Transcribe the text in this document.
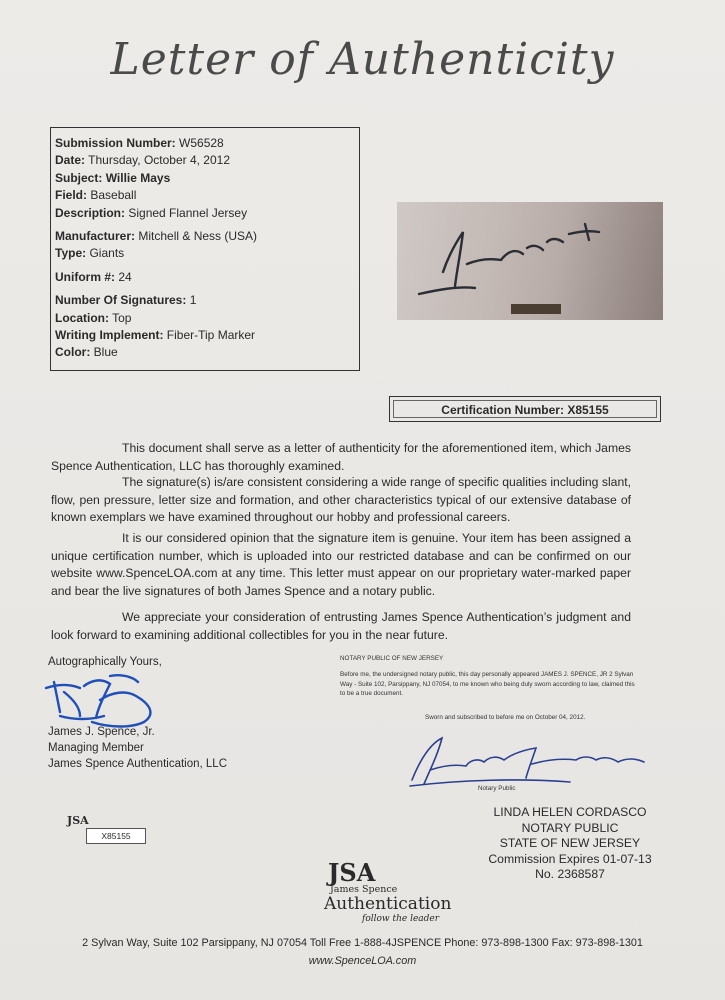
Letter of Authenticity
Submission Number: W56528
Date: Thursday, October 4, 2012
Subject: Willie Mays
Field: Baseball
Description: Signed Flannel Jersey
Manufacturer: Mitchell & Ness (USA)
Type: Giants
Uniform #: 24
Number Of Signatures: 1
Location: Top
Writing Implement: Fiber-Tip Marker
Color: Blue
Certification Number: X85155
This document shall serve as a letter of authenticity for the aforementioned item, which James Spence Authentication, LLC has thoroughly examined.
The signature(s) is/are consistent considering a wide range of specific qualities including slant, flow, pen pressure, letter size and formation, and other characteristics typical of our extensive database of known exemplars we have examined throughout our hobby and professional careers.
It is our considered opinion that the signature item is genuine. Your item has been assigned a unique certification number, which is uploaded into our restricted database and can be confirmed on our website www.SpenceLOA.com at any time. This letter must appear on our proprietary water-marked paper and bear the live signatures of both James Spence and a notary public.
We appreciate your consideration of entrusting James Spence Authentication’s judgment and look forward to examining additional collectibles for you in the near future.
Autographically Yours,
James J. Spence, Jr.
Managing Member
James Spence Authentication, LLC
JSA
X85155
NOTARY PUBLIC OF NEW JERSEY
Before me, the undersigned notary public, this day personally appeared JAMES J. SPENCE, JR 2 Sylvan Way - Suite 102, Parsippany, NJ 07054, to me known who being duly sworn according to law, claimed this to be a true document.
Sworn and subscribed to before me on October 04, 2012.
Notary Public
LINDA HELEN CORDASCO
NOTARY PUBLIC
STATE OF NEW JERSEY
Commission Expires 01-07-13
No. 2368587
JSA
James Spence
Authentication
follow the leader
2 Sylvan Way, Suite 102 Parsippany, NJ 07054 Toll Free 1-888-4JSPENCE Phone: 973-898-1300 Fax: 973-898-1301
www.SpenceLOA.com
